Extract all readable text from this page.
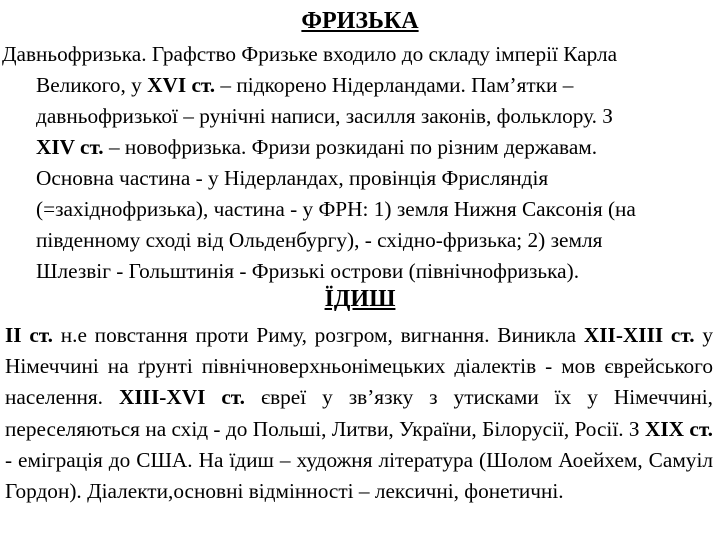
ФРИЗЬКА
Давньофризька. Графство Фризьке входило до складу імперії Карла
Великого, у XVI ст. – підкорено Нідерландами. Пам’ятки –
давньофризької – рунічні написи, засилля законів, фольклору. З
XIV ст. – новофризька. Фризи розкидані по різним державам.
Основна частина - у Нідерландах, провінція Фрисляндія
(=західнофризька), частина - у ФРН: 1) земля Нижня Саксонія (на
південному сході від Ольденбургу), - східно-фризька; 2) земля
Шлезвіг - Гольштинія - Фризькі острови (північнофризька).
ЇДИШ
II ст. н.е повстання проти Риму, розгром, вигнання. Виникла XII-XIII ст. у Німеччині на ґрунті північноверхньонімецьких діалектів - мов єврейського населення. XIII-XVI ст. євреї у зв’язку з утисками їх у Німеччині, переселяються на схід - до Польші, Литви, України, Білорусії, Росії. З XIX ст. - еміграція до США. На їдиш – художня література (Шолом Аоейхем, Самуіл Гордон). Діалекти,основні відмінності – лексичні, фонетичні.
